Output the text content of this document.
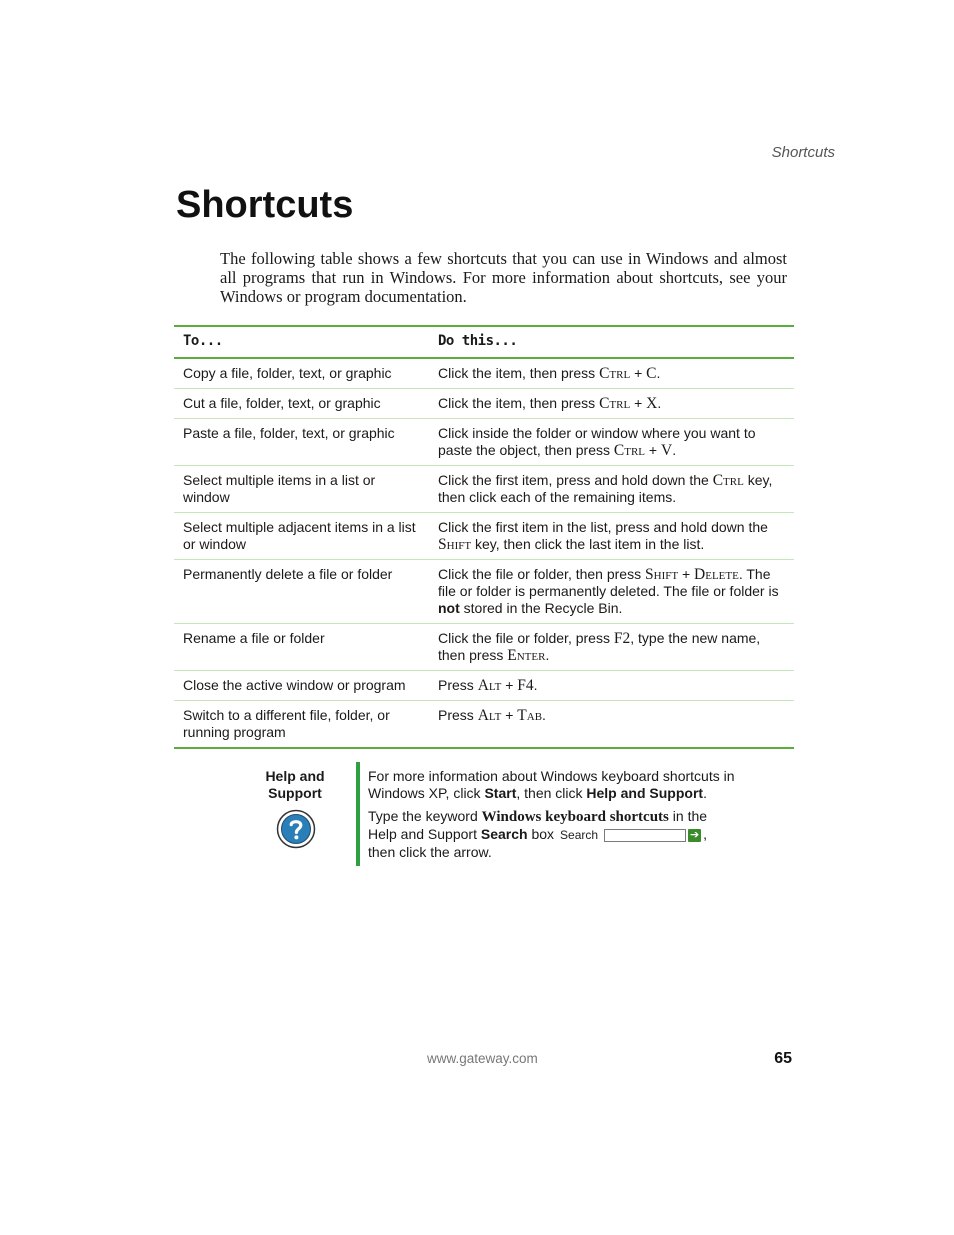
Shortcuts
Shortcuts

The following table shows a few shortcuts that you can use in Windows and almost all programs that run in Windows. For more information about shortcuts, see your Windows or program documentation.

To...	Do this...
Copy a file, folder, text, or graphic	Click the item, then press Ctrl + C.
Cut a file, folder, text, or graphic	Click the item, then press Ctrl + X.
Paste a file, folder, text, or graphic	Click inside the folder or window where you want to paste the object, then press Ctrl + V.
Select multiple items in a list or window	Click the first item, press and hold down the Ctrl key, then click each of the remaining items.
Select multiple adjacent items in a list or window	Click the first item in the list, press and hold down the Shift key, then click the last item in the list.
Permanently delete a file or folder	Click the file or folder, then press Shift + Delete. The file or folder is permanently deleted. The file or folder is not stored in the Recycle Bin.
Rename a file or folder	Click the file or folder, press F2, type the new name, then press Enter.
Close the active window or program	Press Alt + F4.
Switch to a different file, folder, or running program	Press Alt + Tab.
Help and Support

For more information about Windows keyboard shortcuts in Windows XP, click Start, then click Help and Support.

Type the keyword Windows keyboard shortcuts in the Help and Support Search box Search	➔ ,
then click the arrow.

www.gateway.com	65
